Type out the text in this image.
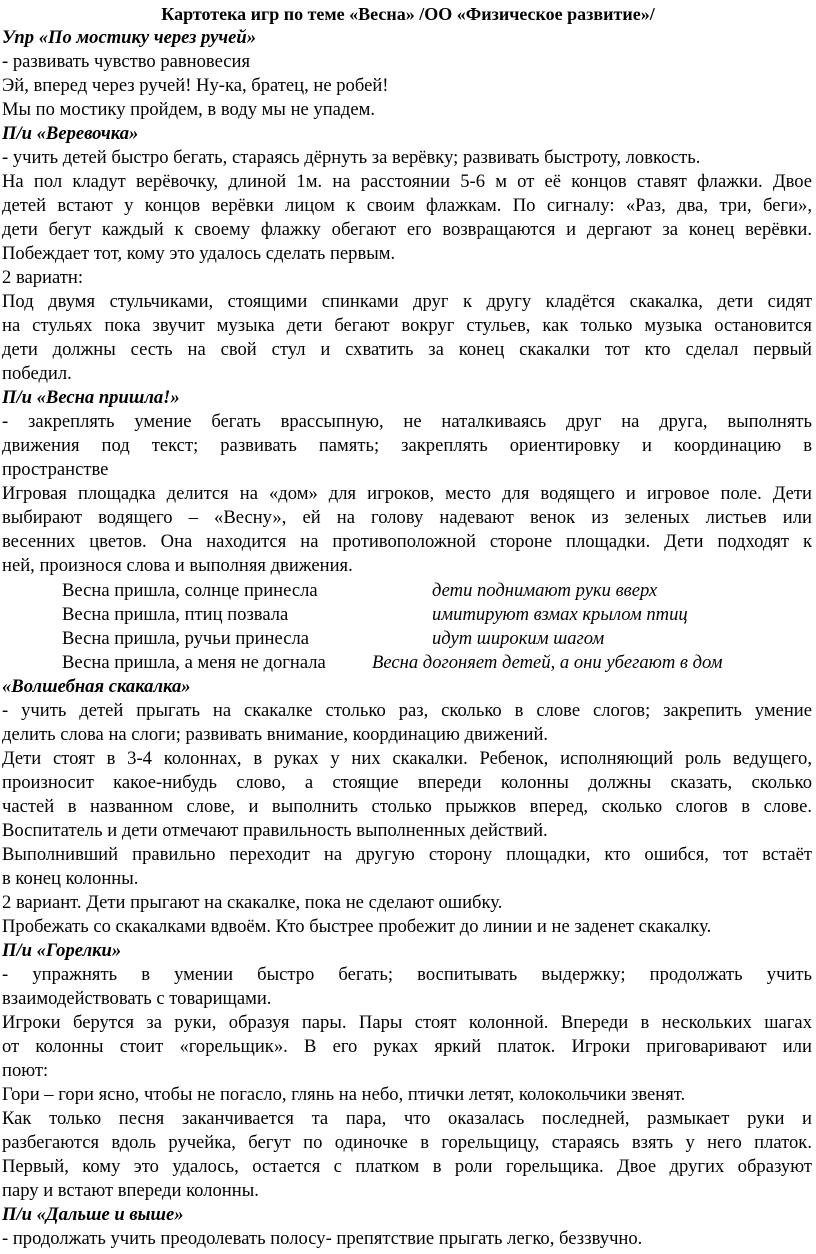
Картотека игр по теме «Весна» /ОО «Физическое развитие»/
Упр «По мостику через ручей»
- развивать чувство равновесия
Эй, вперед через ручей! Ну-ка, братец, не робей!
Мы по мостику пройдем, в воду мы не упадем.
П/и «Веревочка»
- учить детей быстро бегать, стараясь дёрнуть за верёвку; развивать быстроту, ловкость.
На пол кладут верёвочку, длиной 1м. на расстоянии 5-6 м от её концов ставят флажки. Двое
детей встают у концов верёвки лицом к своим флажкам. По сигналу: «Раз, два, три, беги»,
дети бегут каждый к своему флажку обегают его возвращаются и дергают за конец верёвки.
Побеждает тот, кому это удалось сделать первым.
2 вариатн:
Под двумя стульчиками, стоящими спинками друг к другу кладётся скакалка, дети сидят
на стульях пока звучит музыка дети бегают вокруг стульев, как только музыка остановится
дети должны сесть на свой стул и схватить за конец скакалки тот кто сделал первый
победил.
П/и «Весна пришла!»
- закреплять умение бегать врассыпную, не наталкиваясь друг на друга, выполнять
движения под текст; развивать память; закреплять ориентировку и координацию в
пространстве
Игровая площадка делится на «дом» для игроков, место для водящего и игровое поле. Дети
выбирают водящего – «Весну», ей на голову надевают венок из зеленых листьев или
весенних цветов. Она находится на противоположной стороне площадки. Дети подходят к
ней, произнося слова и выполняя движения.
Весна пришла, солнце принесла	дети поднимают руки вверх
Весна пришла, птиц позвала	имитируют взмах крылом птиц
Весна пришла, ручьи принесла	идут широким шагом
Весна пришла, а меня не догнала Весна догоняет детей, а они убегают в дом
«Волшебная скакалка»
- учить детей прыгать на скакалке столько раз, сколько в слове слогов; закрепить умение
делить слова на слоги; развивать внимание, координацию движений.
Дети стоят в 3-4 колоннах, в руках у них скакалки. Ребенок, исполняющий роль ведущего,
произносит какое-нибудь слово, а стоящие впереди колонны должны сказать, сколько
частей в названном слове, и выполнить столько прыжков вперед, сколько слогов в слове.
Воспитатель и дети отмечают правильность выполненных действий.
Выполнивший правильно переходит на другую сторону площадки, кто ошибся, тот встаёт
в конец колонны.
2 вариант. Дети прыгают на скакалке, пока не сделают ошибку.
Пробежать со скакалками вдвоём. Кто быстрее пробежит до линии и не заденет скакалку.
П/и «Горелки»
- упражнять в умении быстро бегать; воспитывать выдержку; продолжать учить
взаимодействовать с товарищами.
Игроки берутся за руки, образуя пары. Пары стоят колонной. Впереди в нескольких шагах
от колонны стоит «горельщик». В его руках яркий платок. Игроки приговаривают или
поют:
Гори – гори ясно, чтобы не погасло, глянь на небо, птички летят, колокольчики звенят.
Как только песня заканчивается та пара, что оказалась последней, размыкает руки и
разбегаются вдоль ручейка, бегут по одиночке в горельщицу, стараясь взять у него платок.
Первый, кому это удалось, остается с платком в роли горельщика. Двое других образуют
пару и встают впереди колонны.
П/и «Дальше и выше»
- продолжать учить преодолевать полосу- препятствие прыгать легко, беззвучно.
